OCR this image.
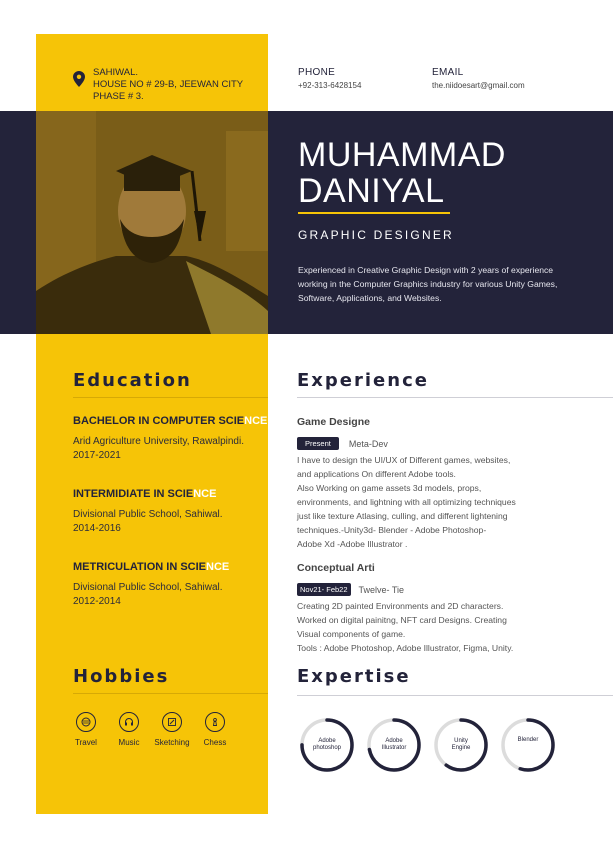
SAHIWAL.
HOUSE NO # 29-B, JEEWAN CITY
PHASE # 3.
PHONE
+92-313-6428154
EMAIL
the.niidoesart@gmail.com
MUHAMMAD
DANIYAL
GRAPHIC DESIGNER
Experienced in Creative Graphic Design with 2 years of experience working in the Computer Graphics industry for various Unity Games, Software, Applications, and Websites.
Education
BACHELOR IN COMPUTER SCIENCE
Arid Agriculture University, Rawalpindi.
2017-2021
INTERMIDIATE IN SCIENCE
Divisional Public School, Sahiwal.
2014-2016
METRICULATION IN SCIENCE
Divisional Public School, Sahiwal.
2012-2014
Experience
Game Designe
Present	Meta-Dev
I have to design the UI/UX of Different games, websites,
and applications On different Adobe tools.
Also Working on game assets 3d models, props,
environments, and lightning with all optimizing techniques
just like texture Atlasing, culling, and different lightening
techniques.-Unity3d- Blender - Adobe Photoshop-
Adobe Xd -Adobe Illustrator .
Conceptual Arti
Nov21- Feb22	Twelve- Tie
Creating 2D painted Environments and 2D characters.
Worked on digital painitng, NFT card Designs. Creating
Visual components of game.
Tools : Adobe Photoshop, Adobe Illustrator, Figma, Unity.
Hobbies
Travel	Music	Sketching	Chess
Expertise
Adobe
photoshop
Adobe
Illustrator
Unity
Engine
Blender
